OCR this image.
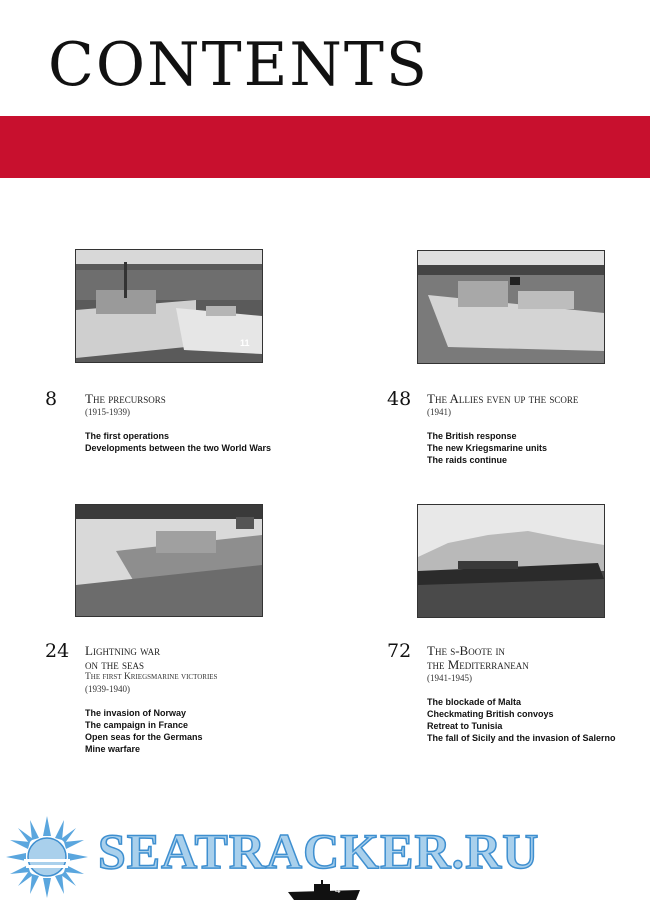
CONTENTS
11
8 The precursors
(1915-1939)
The first operations
Developments between the two World Wars
48 The Allies even up the score
(1941)
The British response
The new Kriegsmarine units
The raids continue
24 Lightning war
on the seas
The first Kriegsmarine victories
(1939-1940)
The invasion of Norway
The campaign in France
Open seas for the Germans
Mine warfare
72 The s-Boote in
the Mediterranean
(1941-1945)
The blockade of Malta
Checkmating British convoys
Retreat to Tunisia
The fall of Sicily and the invasion of Salerno
SEATRACKER.RU
4
